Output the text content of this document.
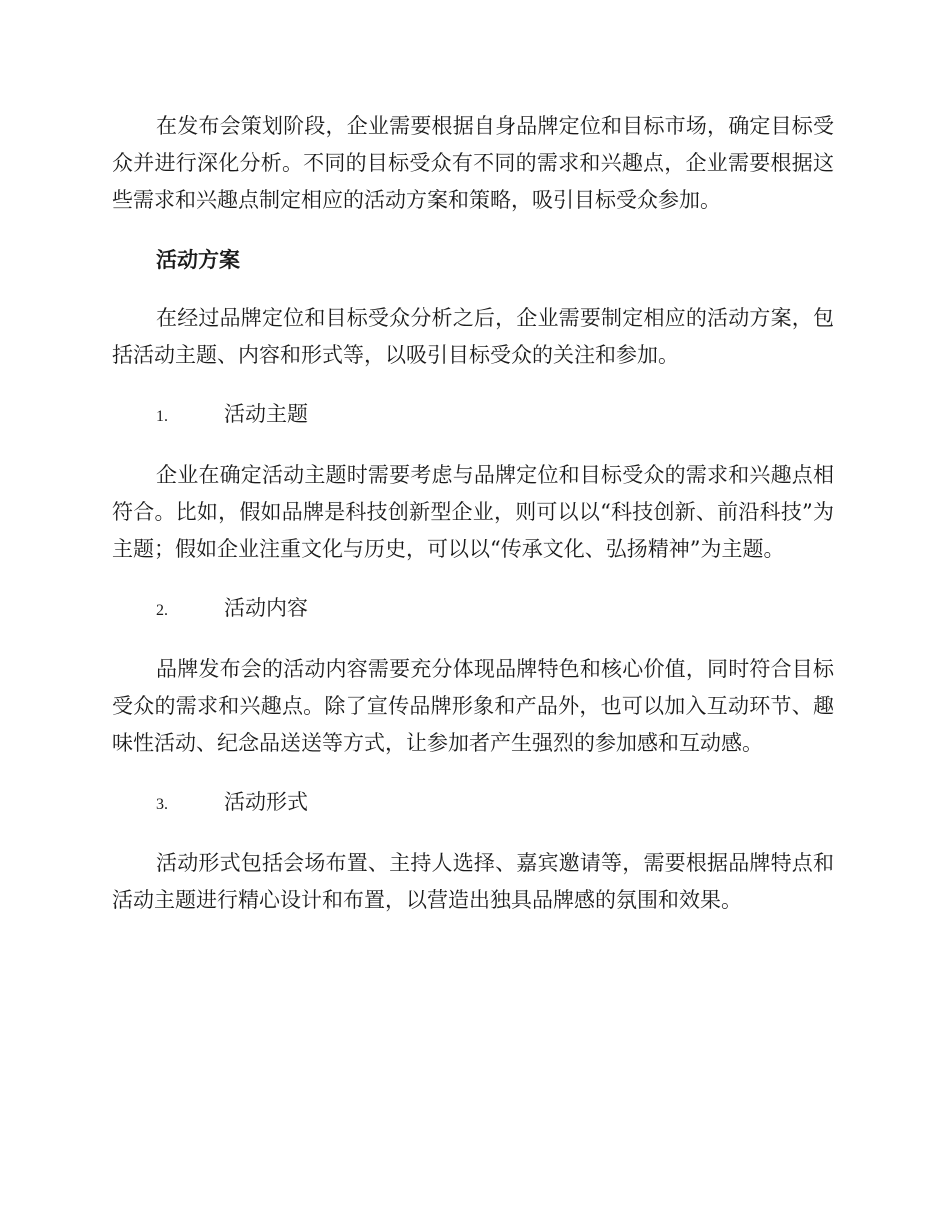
在发布会策划阶段，企业需要根据自身品牌定位和目标市场，确定目标受众并进行深化分析。不同的目标受众有不同的需求和兴趣点，企业需要根据这些需求和兴趣点制定相应的活动方案和策略，吸引目标受众参加。

活动方案

在经过品牌定位和目标受众分析之后，企业需要制定相应的活动方案，包括活动主题、内容和形式等，以吸引目标受众的关注和参加。

1.	活动主题

企业在确定活动主题时需要考虑与品牌定位和目标受众的需求和兴趣点相符合。比如，假如品牌是科技创新型企业，则可以以“科技创新、前沿科技”为主题；假如企业注重文化与历史，可以以“传承文化、弘扬精神”为主题。

2.	活动内容

品牌发布会的活动内容需要充分体现品牌特色和核心价值，同时符合目标受众的需求和兴趣点。除了宣传品牌形象和产品外，也可以加入互动环节、趣味性活动、纪念品送送等方式，让参加者产生强烈的参加感和互动感。

3.	活动形式

活动形式包括会场布置、主持人选择、嘉宾邀请等，需要根据品牌特点和活动主题进行精心设计和布置，以营造出独具品牌感的氛围和效果。
